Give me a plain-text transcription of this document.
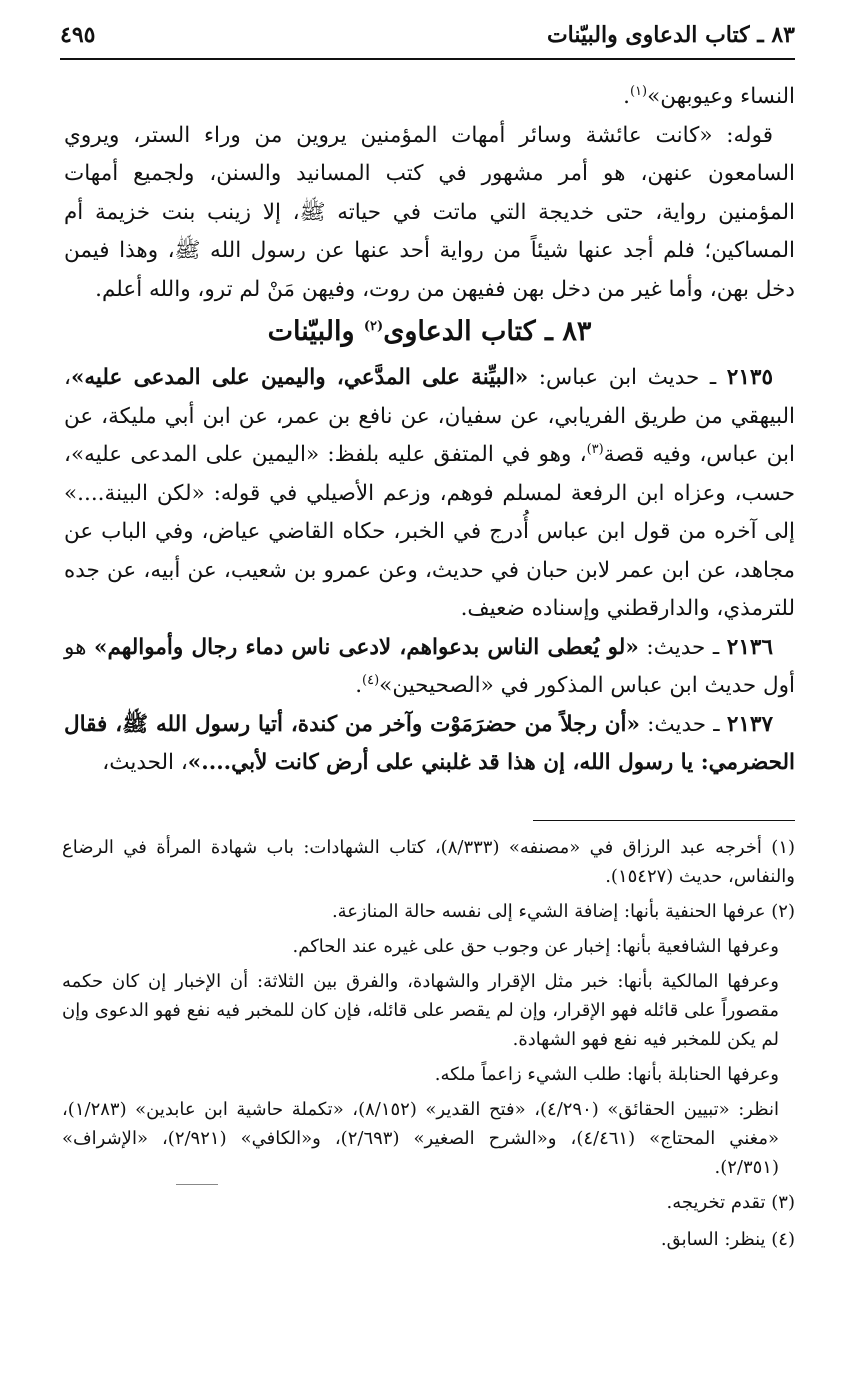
٨٣ ـ كتاب الدعاوى والبيّنات
٤٩٥

النساء وعيوبهن»$^{(١)}$.

قوله: «كانت عائشة وسائر أمهات المؤمنين يروين من وراء الستر، ويروي السامعون عنهن، هو أمر مشهور في كتب المسانيد والسنن، ولجميع أمهات المؤمنين رواية، حتى خديجة التي ماتت في حياته ﷺ، إلا زينب بنت خزيمة أم المساكين؛ فلم أجد عنها شيئاً من رواية أحد عنها عن رسول الله ﷺ، وهذا فيمن دخل بهن، وأما غير من دخل بهن ففيهن من روت، وفيهن مَنْ لم ترو، والله أعلم.

٨٣ ـ كتاب الدعاوى$^{(٢)}$ والبيّنات

٢١٣٥ ـ حديث ابن عباس: «البيِّنة على المدَّعي، واليمين على المدعى عليه»، البيهقي من طريق الفريابي، عن سفيان، عن نافع بن عمر، عن ابن أبي مليكة، عن ابن عباس، وفيه قصة$^{(٣)}$، وهو في المتفق عليه بلفظ: «اليمين على المدعى عليه»، حسب، وعزاه ابن الرفعة لمسلم فوهم، وزعم الأصيلي في قوله: «لكن البينة....» إلى آخره من قول ابن عباس أُدرج في الخبر، حكاه القاضي عياض، وفي الباب عن مجاهد، عن ابن عمر لابن حبان في حديث، وعن عمرو بن شعيب، عن أبيه، عن جده للترمذي، والدارقطني وإسناده ضعيف.

٢١٣٦ ـ حديث: «لو يُعطى الناس بدعواهم، لادعى ناس دماء رجال وأموالهم» هو أول حديث ابن عباس المذكور في «الصحيحين»$^{(٤)}$.

٢١٣٧ ـ حديث: «أن رجلاً من حضرَمَوْت وآخر من كندة، أتيا رسول الله ﷺ، فقال الحضرمي: يا رسول الله، إن هذا قد غلبني على أرض كانت لأبي....»، الحديث،

(١) أخرجه عبد الرزاق في «مصنفه» (٨/٣٣٣)، كتاب الشهادات: باب شهادة المرأة في الرضاع والنفاس، حديث (١٥٤٢٧).

(٢) عرفها الحنفية بأنها: إضافة الشيء إلى نفسه حالة المنازعة.

وعرفها الشافعية بأنها: إخبار عن وجوب حق على غيره عند الحاكم.

وعرفها المالكية بأنها: خبر مثل الإقرار والشهادة، والفرق بين الثلاثة: أن الإخبار إن كان حكمه مقصوراً على قائله فهو الإقرار، وإن لم يقصر على قائله، فإن كان للمخبر فيه نفع فهو الدعوى وإن لم يكن للمخبر فيه نفع فهو الشهادة.

وعرفها الحنابلة بأنها: طلب الشيء زاعماً ملكه.

انظر: «تبيين الحقائق» (٤/٢٩٠)، «فتح القدير» (٨/١٥٢)، «تكملة حاشية ابن عابدين» (١/٢٨٣)، «مغني المحتاج» (٤/٤٦١)، و«الشرح الصغير» (٢/٦٩٣)، و«الكافي» (٢/٩٢١)، «الإشراف» (٢/٣٥١).

(٣) تقدم تخريجه.

(٤) ينظر: السابق.
